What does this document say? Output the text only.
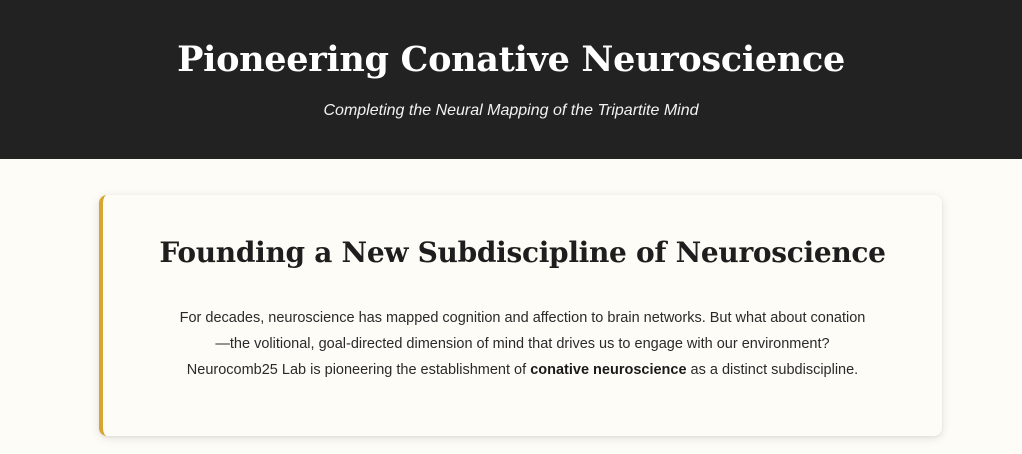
Pioneering Conative Neuroscience

Completing the Neural Mapping of the Tripartite Mind

Founding a New Subdiscipline of Neuroscience

For decades, neuroscience has mapped cognition and affection to brain networks. But what about conation—the volitional, goal-directed dimension of mind that drives us to engage with our environment? Neurocomb25 Lab is pioneering the establishment of conative neuroscience as a distinct subdiscipline.
